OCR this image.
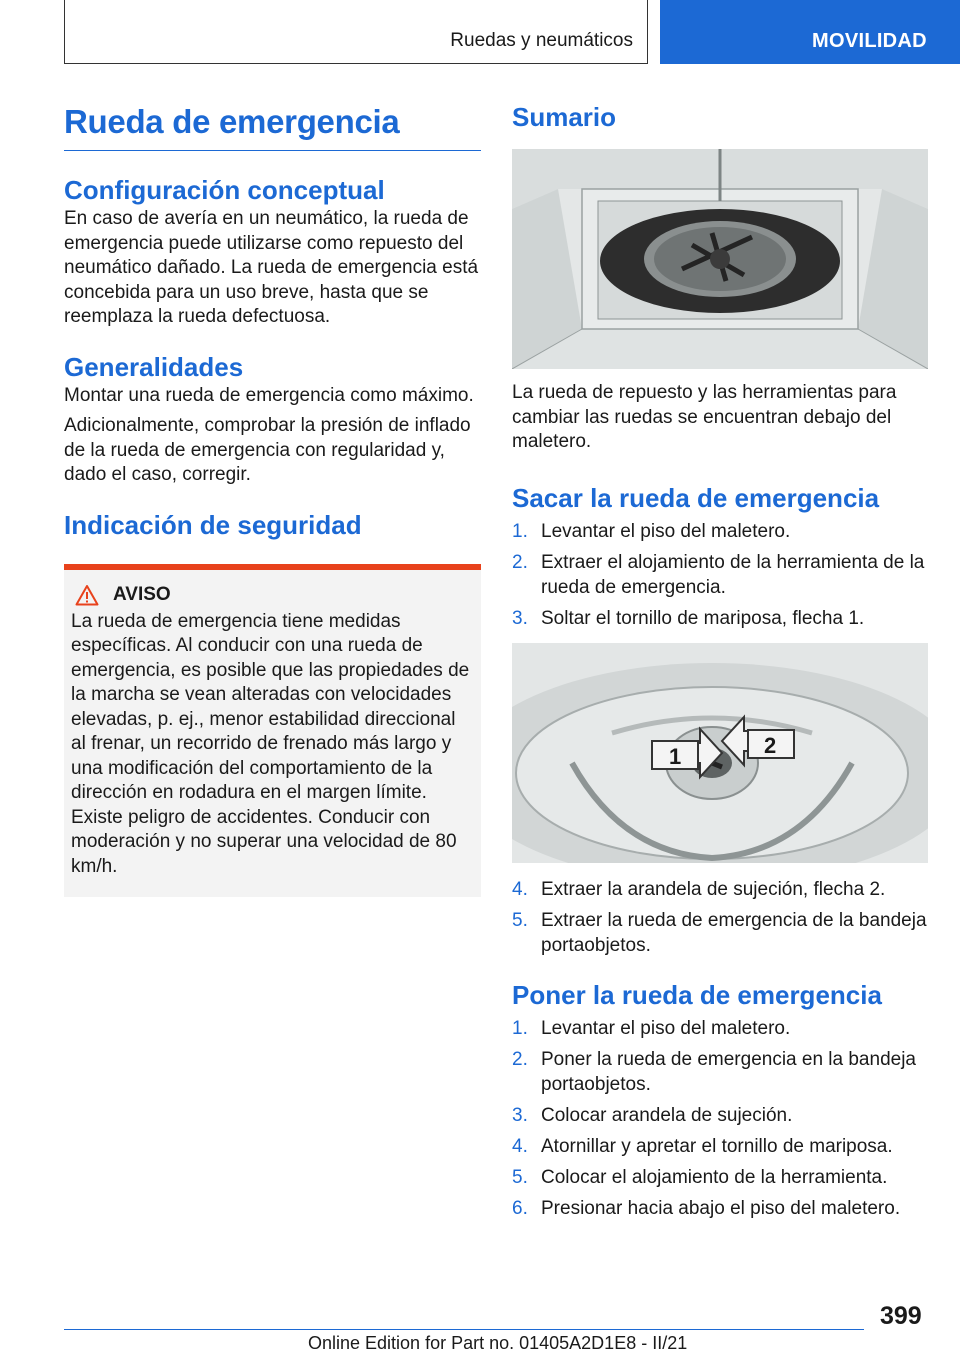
Ruedas y neumáticos	MOVILIDAD
Rueda de emergencia
Configuración conceptual

En caso de avería en un neumático, la rueda de emergencia puede utilizarse como repuesto del neumático dañado. La rueda de emergencia está concebida para un uso breve, hasta que se reemplaza la rueda defectuosa.

Generalidades

Montar una rueda de emergencia como máximo.

Adicionalmente, comprobar la presión de inflado de la rueda de emergencia con regularidad y, dado el caso, corregir.

Indicación de seguridad
AVISO

La rueda de emergencia tiene medidas específicas. Al conducir con una rueda de emergencia, es posible que las propiedades de la marcha se vean alteradas con velocidades elevadas, p. ej., menor estabilidad direccional al frenar, un recorrido de frenado más largo y una modificación del comportamiento de la dirección en rodadura en el margen límite. Existe peligro de accidentes. Conducir con moderación y no superar una velocidad de 80 km/h.

Sumario

La rueda de repuesto y las herramientas para cambiar las ruedas se encuentran debajo del maletero.

Sacar la rueda de emergencia
1. Levantar el piso del maletero.
2. Extraer el alojamiento de la herramienta de la rueda de emergencia.
3. Soltar el tornillo de mariposa, flecha 1.
1	2
4. Extraer la arandela de sujeción, flecha 2.
5. Extraer la rueda de emergencia de la bandeja portaobjetos.
Poner la rueda de emergencia
1. Levantar el piso del maletero.
2. Poner la rueda de emergencia en la bandeja portaobjetos.
3. Colocar arandela de sujeción.
4. Atornillar y apretar el tornillo de mariposa.
5. Colocar el alojamiento de la herramienta.
6. Presionar hacia abajo el piso del maletero.
399
Online Edition for Part no. 01405A2D1E8 - II/21
